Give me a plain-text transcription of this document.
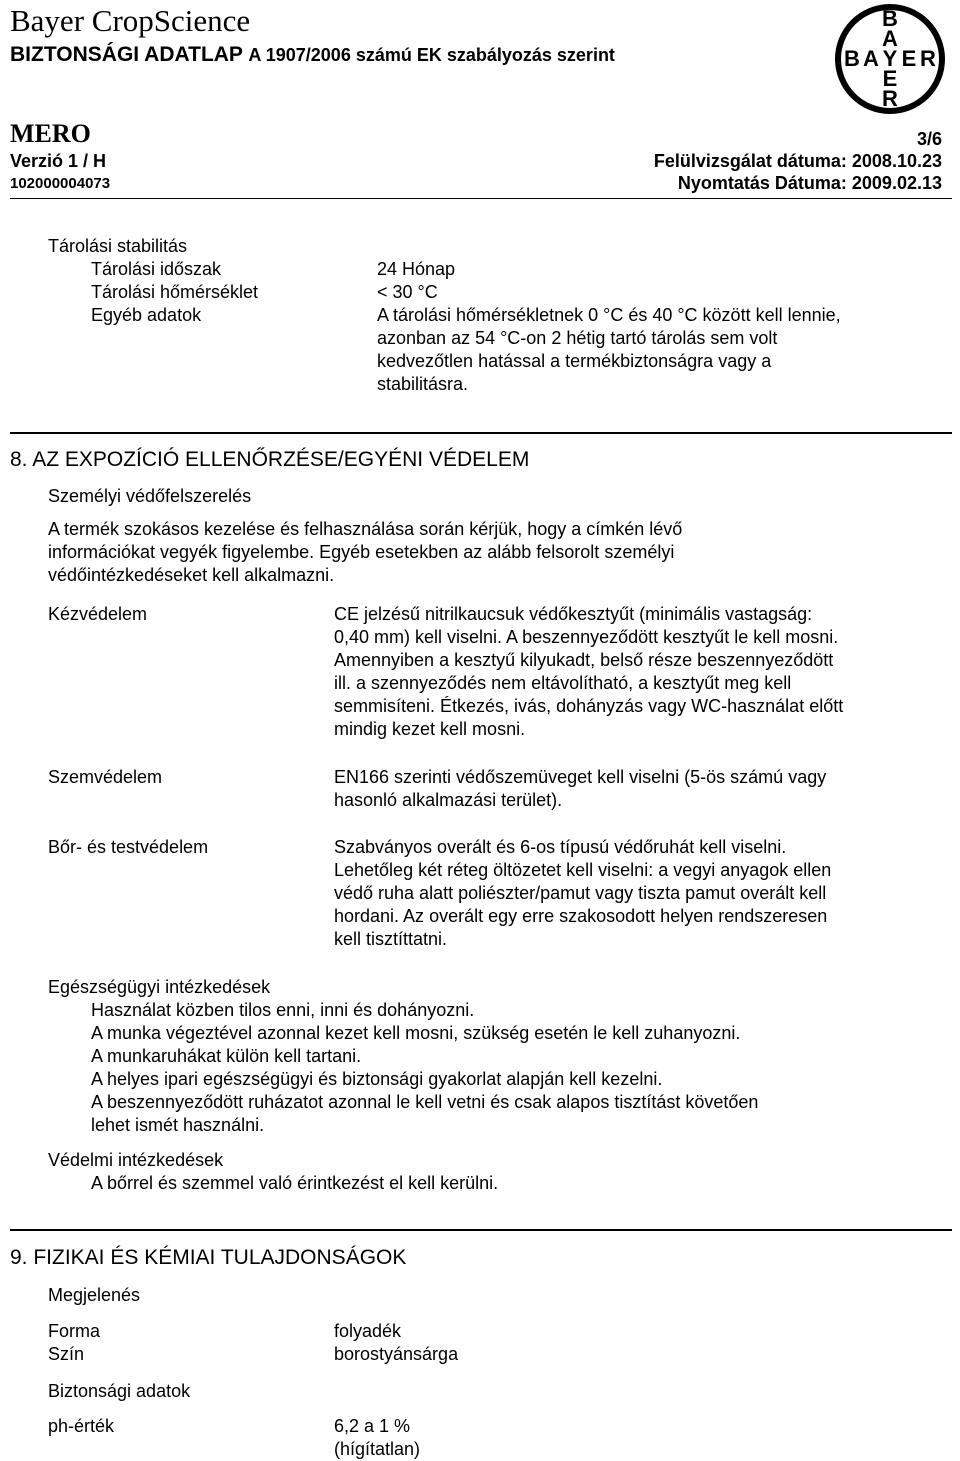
Bayer CropScience
BIZTONSÁGI ADATLAP A 1907/2006 számú EK szabályozás szerint
B
A
B A Y E R
E
R
MERO	3/6
Verzió 1 / H	Felülvizsgálat dátuma: 2008.10.23
102000004073	Nyomtatás Dátuma: 2009.02.13
Tárolási stabilitás
Tárolási időszak	24 Hónap
Tárolási hőmérséklet	< 30 °C
Egyéb adatok	A tárolási hőmérsékletnek 0 °C és 40 °C között kell lennie,
azonban az 54 °C-on 2 hétig tartó tárolás sem volt
kedvezőtlen hatással a termékbiztonságra vagy a
stabilitásra.
8. AZ EXPOZÍCIÓ ELLENŐRZÉSE/EGYÉNI VÉDELEM
Személyi védőfelszerelés
A termék szokásos kezelése és felhasználása során kérjük, hogy a címkén lévő
információkat vegyék figyelembe. Egyéb esetekben az alább felsorolt személyi
védőintézkedéseket kell alkalmazni.
Kézvédelem	CE jelzésű nitrilkaucsuk védőkesztyűt (minimális vastagság:
0,40 mm) kell viselni. A beszennyeződött kesztyűt le kell mosni.
Amennyiben a kesztyű kilyukadt, belső része beszennyeződött
ill. a szennyeződés nem eltávolítható, a kesztyűt meg kell
semmisíteni. Étkezés, ivás, dohányzás vagy WC-használat előtt
mindig kezet kell mosni.
Szemvédelem	EN166 szerinti védőszemüveget kell viselni (5-ös számú vagy
hasonló alkalmazási terület).
Bőr- és testvédelem	Szabványos overált és 6-os típusú védőruhát kell viselni.
Lehetőleg két réteg öltözetet kell viselni: a vegyi anyagok ellen
védő ruha alatt poliészter/pamut vagy tiszta pamut overált kell
hordani. Az overált egy erre szakosodott helyen rendszeresen
kell tisztíttatni.
Egészségügyi intézkedések
Használat közben tilos enni, inni és dohányozni.
A munka végeztével azonnal kezet kell mosni, szükség esetén le kell zuhanyozni.
A munkaruhákat külön kell tartani.
A helyes ipari egészségügyi és biztonsági gyakorlat alapján kell kezelni.
A beszennyeződött ruházatot azonnal le kell vetni és csak alapos tisztítást követően
lehet ismét használni.
Védelmi intézkedések
A bőrrel és szemmel való érintkezést el kell kerülni.
9. FIZIKAI ÉS KÉMIAI TULAJDONSÁGOK
Megjelenés
Forma	folyadék
Szín	borostyánsárga
Biztonsági adatok
ph-érték	6,2 a 1 %
(hígítatlan)
